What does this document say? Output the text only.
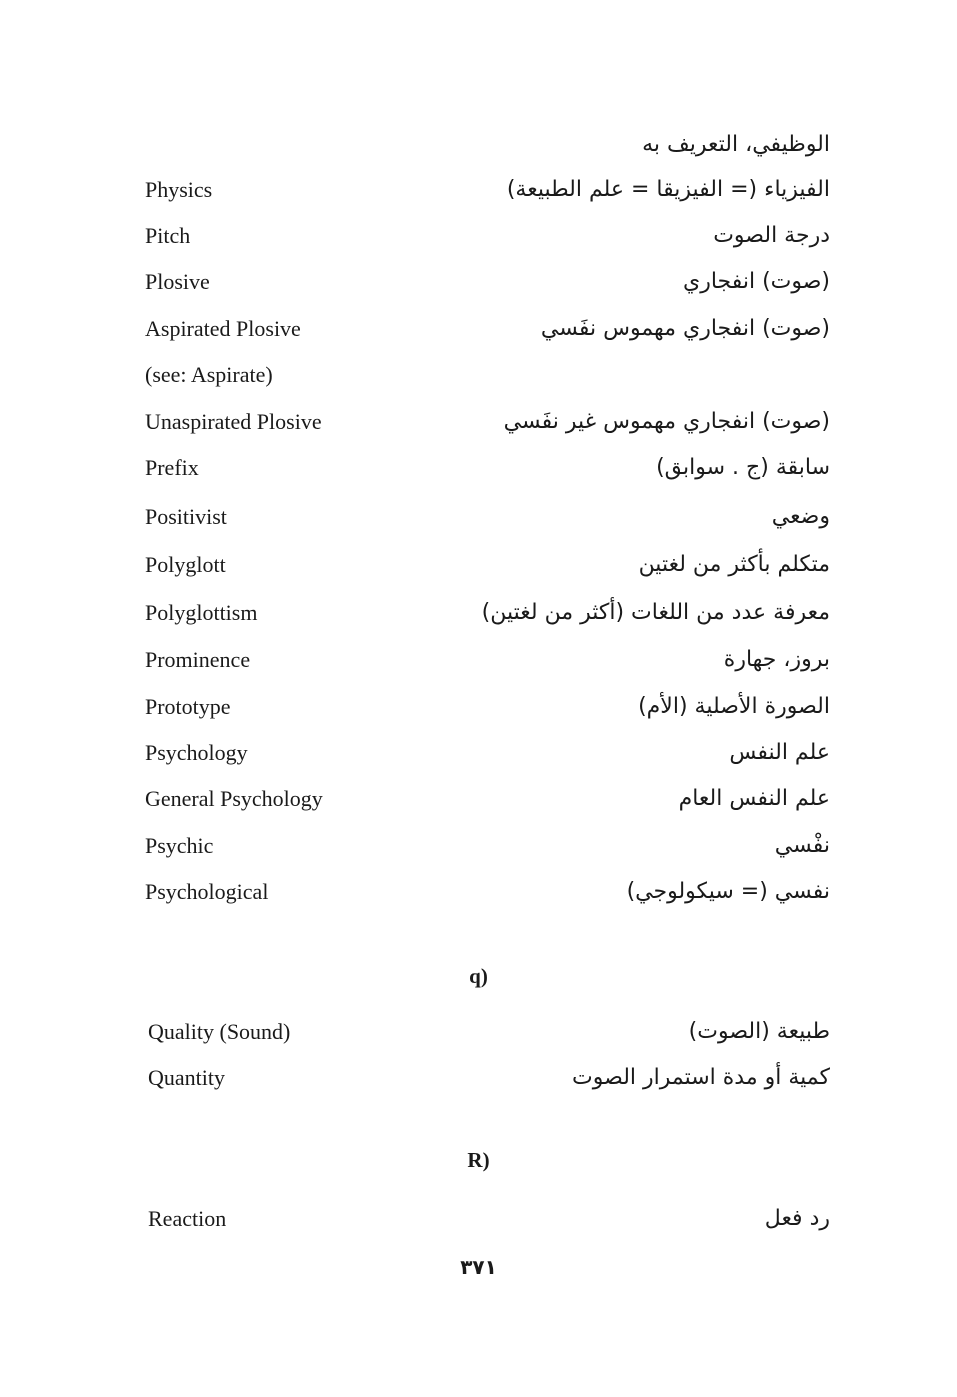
الوظيفي، التعريف به
Physics	الفيزياء (= الفيزيقا = علم الطبيعة)
Pitch	درجة الصوت
Plosive	(صوت) انفجاري
Aspirated Plosive	(صوت) انفجاري مهموس نفَسي
(see: Aspirate)
Unaspirated Plosive	(صوت) انفجاري مهموس غير نفَسي
Prefix	سابقة (ج . سوابق)
Positivist	وضعي
Polyglott	متكلم بأكثر من لغتين
Polyglottism	معرفة عدد من اللغات (أكثر من لغتين)
Prominence	بروز، جهارة
Prototype	الصورة الأصلية (الأم)
Psychology	علم النفس
General Psychology	علم النفس العام
Psychic	نفْسي
Psychological	نفسي (= سيكولوجي)
q)
Quality (Sound)	طبيعة (الصوت)
Quantity	كمية أو مدة استمرار الصوت
R)
Reaction	رد فعل
٣٧١
